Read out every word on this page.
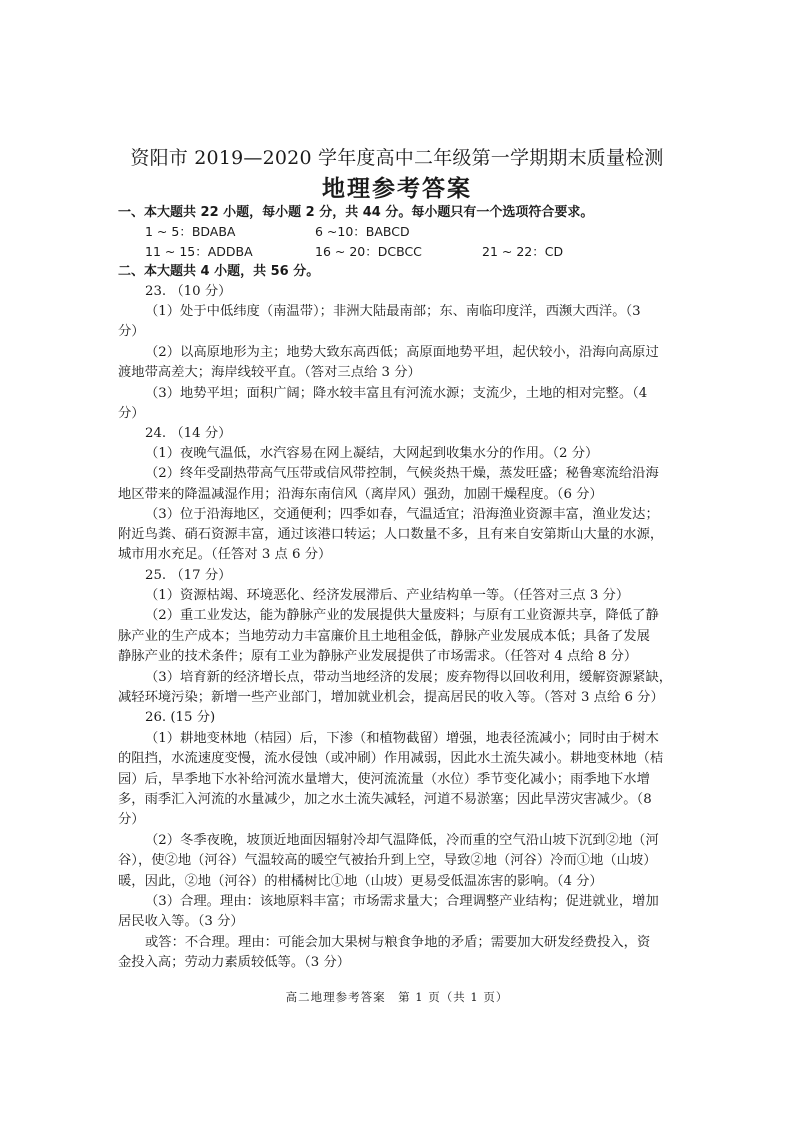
资阳市 2019—2020 学年度高中二年级第一学期期末质量检测
地理参考答案
一、本大题共 22 小题，每小题 2 分，共 44 分。每小题只有一个选项符合要求。
1 ~ 5：BDABA	6 ~10：BABCD
11 ~ 15：ADDBA	16 ~ 20：DCBCC	21 ~ 22：CD
二、本大题共 4 小题，共 56 分。
23. （10 分）
（1）处于中低纬度（南温带）；非洲大陆最南部；东、南临印度洋，西濒大西洋。（3
分）
（2）以高原地形为主；地势大致东高西低；高原面地势平坦，起伏较小，沿海向高原过
渡地带高差大；海岸线较平直。（答对三点给 3 分）
（3）地势平坦；面积广阔；降水较丰富且有河流水源；支流少，土地的相对完整。（4
分）
24. （14 分）
（1）夜晚气温低，水汽容易在网上凝结，大网起到收集水分的作用。（2 分）
（2）终年受副热带高气压带或信风带控制，气候炎热干燥，蒸发旺盛；秘鲁寒流给沿海
地区带来的降温减湿作用；沿海东南信风（离岸风）强劲，加剧干燥程度。（6 分）
（3）位于沿海地区，交通便利；四季如春，气温适宜；沿海渔业资源丰富，渔业发达；
附近鸟粪、硝石资源丰富，通过该港口转运；人口数量不多，且有来自安第斯山大量的水源，
城市用水充足。（任答对 3 点 6 分）
25. （17 分）
（1）资源枯竭、环境恶化、经济发展滞后、产业结构单一等。（任答对三点 3 分）
（2）重工业发达，能为静脉产业的发展提供大量废料；与原有工业资源共享，降低了静
脉产业的生产成本；当地劳动力丰富廉价且土地租金低，静脉产业发展成本低；具备了发展
静脉产业的技术条件；原有工业为静脉产业发展提供了市场需求。（任答对 4 点给 8 分）
（3）培育新的经济增长点，带动当地经济的发展；废弃物得以回收利用，缓解资源紧缺，
减轻环境污染；新增一些产业部门，增加就业机会，提高居民的收入等。（答对 3 点给 6 分）
26. (15 分)
（1）耕地变林地（桔园）后，下渗（和植物截留）增强，地表径流减小；同时由于树木
的阻挡，水流速度变慢，流水侵蚀（或冲刷）作用减弱，因此水土流失减小。耕地变林地（桔
园）后，旱季地下水补给河流水量增大，使河流流量（水位）季节变化减小；雨季地下水增
多，雨季汇入河流的水量减少，加之水土流失减轻，河道不易淤塞；因此旱涝灾害减少。（8
分）
（2）冬季夜晚，坡顶近地面因辐射冷却气温降低，冷而重的空气沿山坡下沉到②地（河
谷），使②地（河谷）气温较高的暖空气被抬升到上空，导致②地（河谷）冷而①地（山坡）
暖，因此，②地（河谷）的柑橘树比①地（山坡）更易受低温冻害的影响。（4 分）
（3）合理。理由：该地原料丰富；市场需求量大；合理调整产业结构；促进就业，增加
居民收入等。（3 分）
或答：不合理。理由：可能会加大果树与粮食争地的矛盾；需要加大研发经费投入，资
金投入高；劳动力素质较低等。（3 分）
高二地理参考答案　第 1 页（共 1 页）
